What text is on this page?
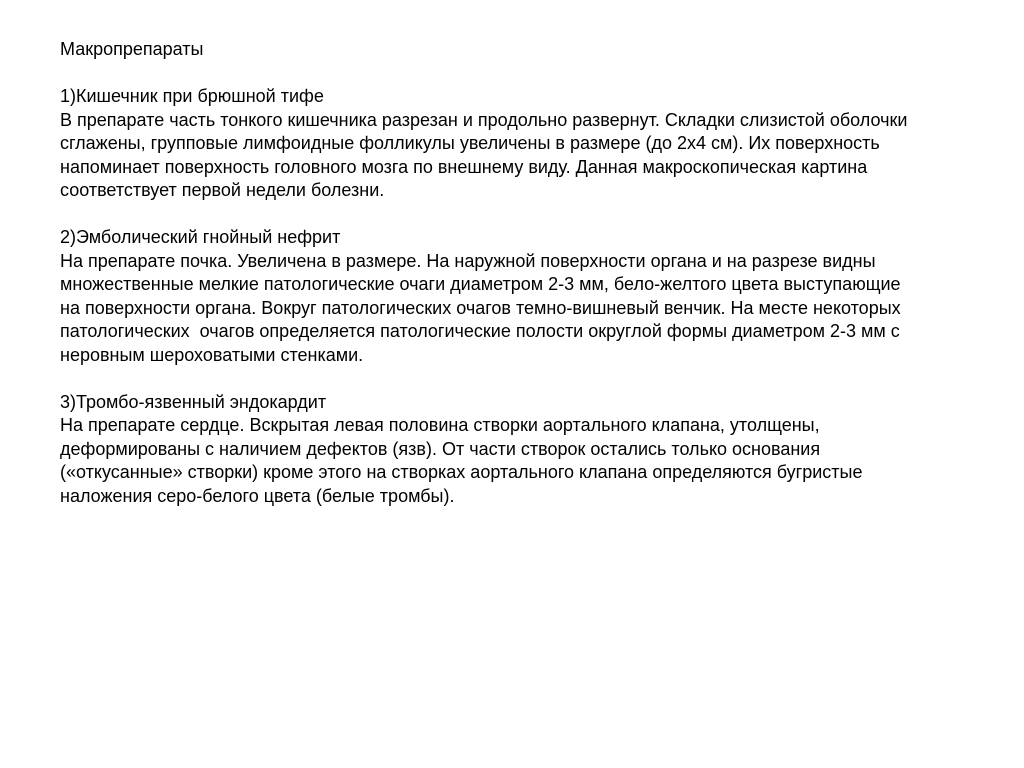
Макропрепараты
1)Кишечник при брюшной тифе
В препарате часть тонкого кишечника разрезан и продольно развернут. Складки слизистой оболочки
сглажены, групповые лимфоидные фолликулы увеличены в размере (до 2х4 см). Их поверхность
напоминает поверхность головного мозга по внешнему виду. Данная макроскопическая картина
соответствует первой недели болезни.
2)Эмболический гнойный нефрит
На препарате почка. Увеличена в размере. На наружной поверхности органа и на разрезе видны
множественные мелкие патологические очаги диаметром 2-3 мм, бело-желтого цвета выступающие
на поверхности органа. Вокруг патологических очагов темно-вишневый венчик. На месте некоторых
патологических  очагов определяется патологические полости округлой формы диаметром 2-3 мм с
неровным шероховатыми стенками.
3)Тромбо-язвенный эндокардит
На препарате сердце. Вскрытая левая половина створки аортального клапана, утолщены,
деформированы с наличием дефектов (язв). От части створок остались только основания
(«откусанные» створки) кроме этого на створках аортального клапана определяются бугристые
наложения серо-белого цвета (белые тромбы).
